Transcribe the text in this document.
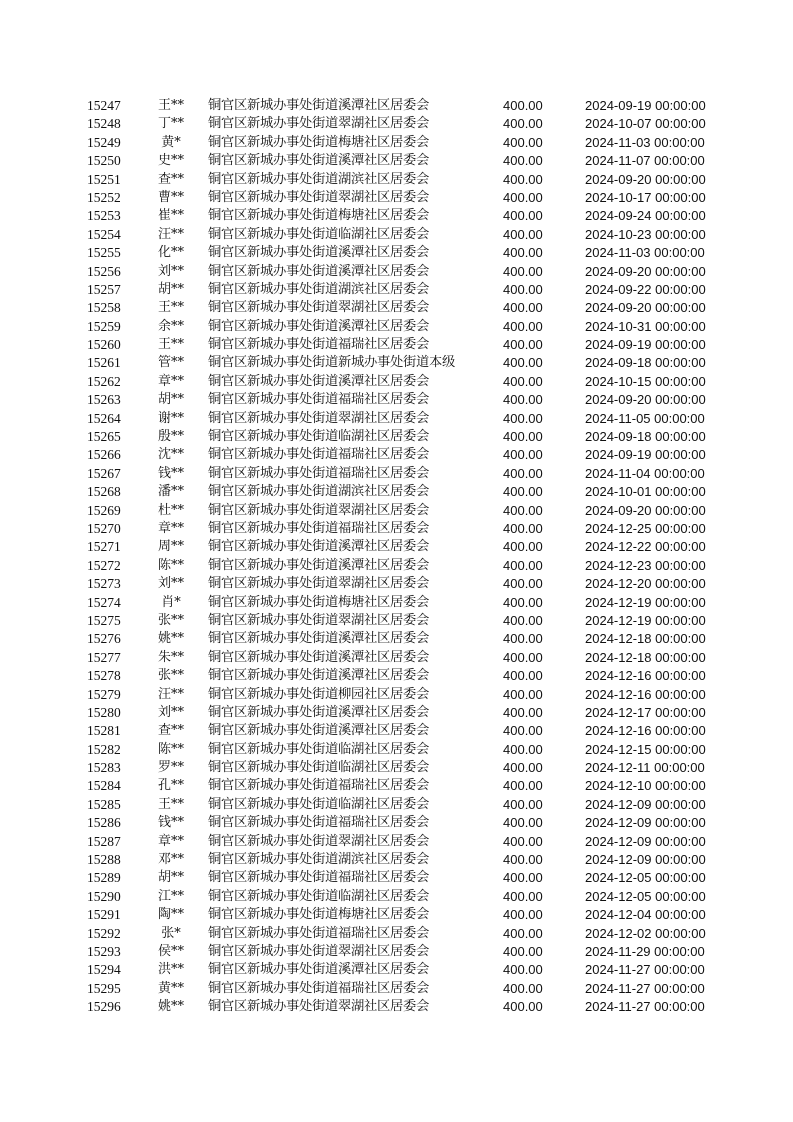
15247	王**	铜官区新城办事处街道溪潭社区居委会	400.00	2024-09-19 00:00:00
15248	丁**	铜官区新城办事处街道翠湖社区居委会	400.00	2024-10-07 00:00:00
15249	黄*	铜官区新城办事处街道梅塘社区居委会	400.00	2024-11-03 00:00:00
15250	史**	铜官区新城办事处街道溪潭社区居委会	400.00	2024-11-07 00:00:00
15251	查**	铜官区新城办事处街道湖滨社区居委会	400.00	2024-09-20 00:00:00
15252	曹**	铜官区新城办事处街道翠湖社区居委会	400.00	2024-10-17 00:00:00
15253	崔**	铜官区新城办事处街道梅塘社区居委会	400.00	2024-09-24 00:00:00
15254	汪**	铜官区新城办事处街道临湖社区居委会	400.00	2024-10-23 00:00:00
15255	化**	铜官区新城办事处街道溪潭社区居委会	400.00	2024-11-03 00:00:00
15256	刘**	铜官区新城办事处街道溪潭社区居委会	400.00	2024-09-20 00:00:00
15257	胡**	铜官区新城办事处街道湖滨社区居委会	400.00	2024-09-22 00:00:00
15258	王**	铜官区新城办事处街道翠湖社区居委会	400.00	2024-09-20 00:00:00
15259	余**	铜官区新城办事处街道溪潭社区居委会	400.00	2024-10-31 00:00:00
15260	王**	铜官区新城办事处街道福瑞社区居委会	400.00	2024-09-19 00:00:00
15261	管**	铜官区新城办事处街道新城办事处街道本级	400.00	2024-09-18 00:00:00
15262	章**	铜官区新城办事处街道溪潭社区居委会	400.00	2024-10-15 00:00:00
15263	胡**	铜官区新城办事处街道福瑞社区居委会	400.00	2024-09-20 00:00:00
15264	谢**	铜官区新城办事处街道翠湖社区居委会	400.00	2024-11-05 00:00:00
15265	殷**	铜官区新城办事处街道临湖社区居委会	400.00	2024-09-18 00:00:00
15266	沈**	铜官区新城办事处街道福瑞社区居委会	400.00	2024-09-19 00:00:00
15267	钱**	铜官区新城办事处街道福瑞社区居委会	400.00	2024-11-04 00:00:00
15268	潘**	铜官区新城办事处街道湖滨社区居委会	400.00	2024-10-01 00:00:00
15269	杜**	铜官区新城办事处街道翠湖社区居委会	400.00	2024-09-20 00:00:00
15270	章**	铜官区新城办事处街道福瑞社区居委会	400.00	2024-12-25 00:00:00
15271	周**	铜官区新城办事处街道溪潭社区居委会	400.00	2024-12-22 00:00:00
15272	陈**	铜官区新城办事处街道溪潭社区居委会	400.00	2024-12-23 00:00:00
15273	刘**	铜官区新城办事处街道翠湖社区居委会	400.00	2024-12-20 00:00:00
15274	肖*	铜官区新城办事处街道梅塘社区居委会	400.00	2024-12-19 00:00:00
15275	张**	铜官区新城办事处街道翠湖社区居委会	400.00	2024-12-19 00:00:00
15276	姚**	铜官区新城办事处街道溪潭社区居委会	400.00	2024-12-18 00:00:00
15277	朱**	铜官区新城办事处街道溪潭社区居委会	400.00	2024-12-18 00:00:00
15278	张**	铜官区新城办事处街道溪潭社区居委会	400.00	2024-12-16 00:00:00
15279	汪**	铜官区新城办事处街道柳园社区居委会	400.00	2024-12-16 00:00:00
15280	刘**	铜官区新城办事处街道溪潭社区居委会	400.00	2024-12-17 00:00:00
15281	查**	铜官区新城办事处街道溪潭社区居委会	400.00	2024-12-16 00:00:00
15282	陈**	铜官区新城办事处街道临湖社区居委会	400.00	2024-12-15 00:00:00
15283	罗**	铜官区新城办事处街道临湖社区居委会	400.00	2024-12-11 00:00:00
15284	孔**	铜官区新城办事处街道福瑞社区居委会	400.00	2024-12-10 00:00:00
15285	王**	铜官区新城办事处街道临湖社区居委会	400.00	2024-12-09 00:00:00
15286	钱**	铜官区新城办事处街道福瑞社区居委会	400.00	2024-12-09 00:00:00
15287	章**	铜官区新城办事处街道翠湖社区居委会	400.00	2024-12-09 00:00:00
15288	邓**	铜官区新城办事处街道湖滨社区居委会	400.00	2024-12-09 00:00:00
15289	胡**	铜官区新城办事处街道福瑞社区居委会	400.00	2024-12-05 00:00:00
15290	江**	铜官区新城办事处街道临湖社区居委会	400.00	2024-12-05 00:00:00
15291	陶**	铜官区新城办事处街道梅塘社区居委会	400.00	2024-12-04 00:00:00
15292	张*	铜官区新城办事处街道福瑞社区居委会	400.00	2024-12-02 00:00:00
15293	侯**	铜官区新城办事处街道翠湖社区居委会	400.00	2024-11-29 00:00:00
15294	洪**	铜官区新城办事处街道溪潭社区居委会	400.00	2024-11-27 00:00:00
15295	黄**	铜官区新城办事处街道福瑞社区居委会	400.00	2024-11-27 00:00:00
15296	姚**	铜官区新城办事处街道翠湖社区居委会	400.00	2024-11-27 00:00:00
